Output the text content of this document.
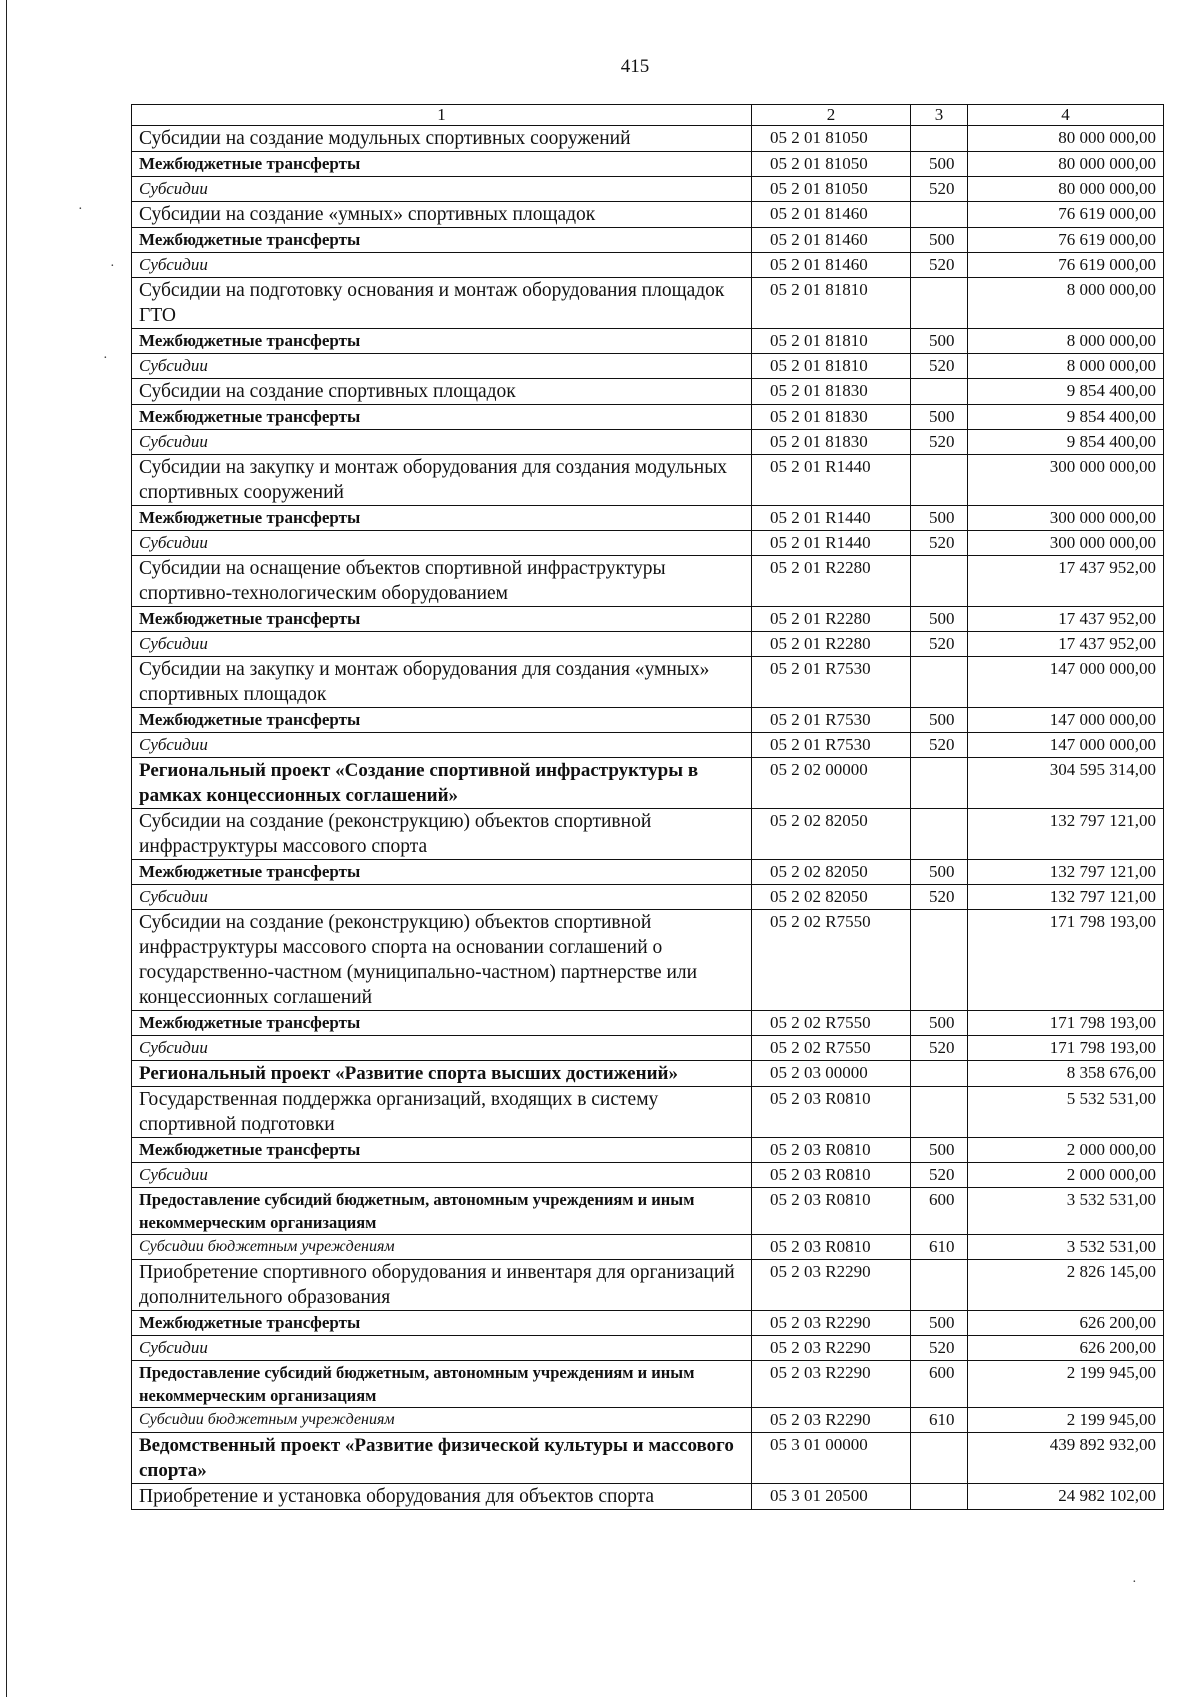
·
·
·
·
415
1	2	3	4
Субсидии на создание модульных спортивных сооружений	05 2 01 81050		80 000 000,00
Межбюджетные трансферты	05 2 01 81050	500	80 000 000,00
Субсидии	05 2 01 81050	520	80 000 000,00
Субсидии на создание «умных» спортивных площадок	05 2 01 81460		76 619 000,00
Межбюджетные трансферты	05 2 01 81460	500	76 619 000,00
Субсидии	05 2 01 81460	520	76 619 000,00
Субсидии на подготовку основания и монтаж оборудования площадок ГТО	05 2 01 81810		8 000 000,00
Межбюджетные трансферты	05 2 01 81810	500	8 000 000,00
Субсидии	05 2 01 81810	520	8 000 000,00
Субсидии на создание спортивных площадок	05 2 01 81830		9 854 400,00
Межбюджетные трансферты	05 2 01 81830	500	9 854 400,00
Субсидии	05 2 01 81830	520	9 854 400,00
Субсидии на закупку и монтаж оборудования для создания модульных спортивных сооружений	05 2 01 R1440		300 000 000,00
Межбюджетные трансферты	05 2 01 R1440	500	300 000 000,00
Субсидии	05 2 01 R1440	520	300 000 000,00
Субсидии на оснащение объектов спортивной инфраструктуры спортивно-технологическим оборудованием	05 2 01 R2280		17 437 952,00
Межбюджетные трансферты	05 2 01 R2280	500	17 437 952,00
Субсидии	05 2 01 R2280	520	17 437 952,00
Субсидии на закупку и монтаж оборудования для создания «умных» спортивных площадок	05 2 01 R7530		147 000 000,00
Межбюджетные трансферты	05 2 01 R7530	500	147 000 000,00
Субсидии	05 2 01 R7530	520	147 000 000,00
Региональный проект «Создание спортивной инфраструктуры в рамках концессионных соглашений»	05 2 02 00000		304 595 314,00
Субсидии на создание (реконструкцию) объектов спортивной инфраструктуры массового спорта	05 2 02 82050		132 797 121,00
Межбюджетные трансферты	05 2 02 82050	500	132 797 121,00
Субсидии	05 2 02 82050	520	132 797 121,00
Субсидии на создание (реконструкцию) объектов спортивной инфраструктуры массового спорта на основании соглашений о государственно-частном (муниципально-частном) партнерстве или концессионных соглашений	05 2 02 R7550		171 798 193,00
Межбюджетные трансферты	05 2 02 R7550	500	171 798 193,00
Субсидии	05 2 02 R7550	520	171 798 193,00
Региональный проект «Развитие спорта высших достижений»	05 2 03 00000		8 358 676,00
Государственная поддержка организаций, входящих в систему спортивной подготовки	05 2 03 R0810		5 532 531,00
Межбюджетные трансферты	05 2 03 R0810	500	2 000 000,00
Субсидии	05 2 03 R0810	520	2 000 000,00
Предоставление субсидий бюджетным, автономным учреждениям и иным некоммерческим организациям	05 2 03 R0810	600	3 532 531,00
Субсидии бюджетным учреждениям	05 2 03 R0810	610	3 532 531,00
Приобретение спортивного оборудования и инвентаря для организаций дополнительного образования	05 2 03 R2290		2 826 145,00
Межбюджетные трансферты	05 2 03 R2290	500	626 200,00
Субсидии	05 2 03 R2290	520	626 200,00
Предоставление субсидий бюджетным, автономным учреждениям и иным некоммерческим организациям	05 2 03 R2290	600	2 199 945,00
Субсидии бюджетным учреждениям	05 2 03 R2290	610	2 199 945,00
Ведомственный проект «Развитие физической культуры и массового спорта»	05 3 01 00000		439 892 932,00
Приобретение и установка оборудования для объектов спорта	05 3 01 20500		24 982 102,00
